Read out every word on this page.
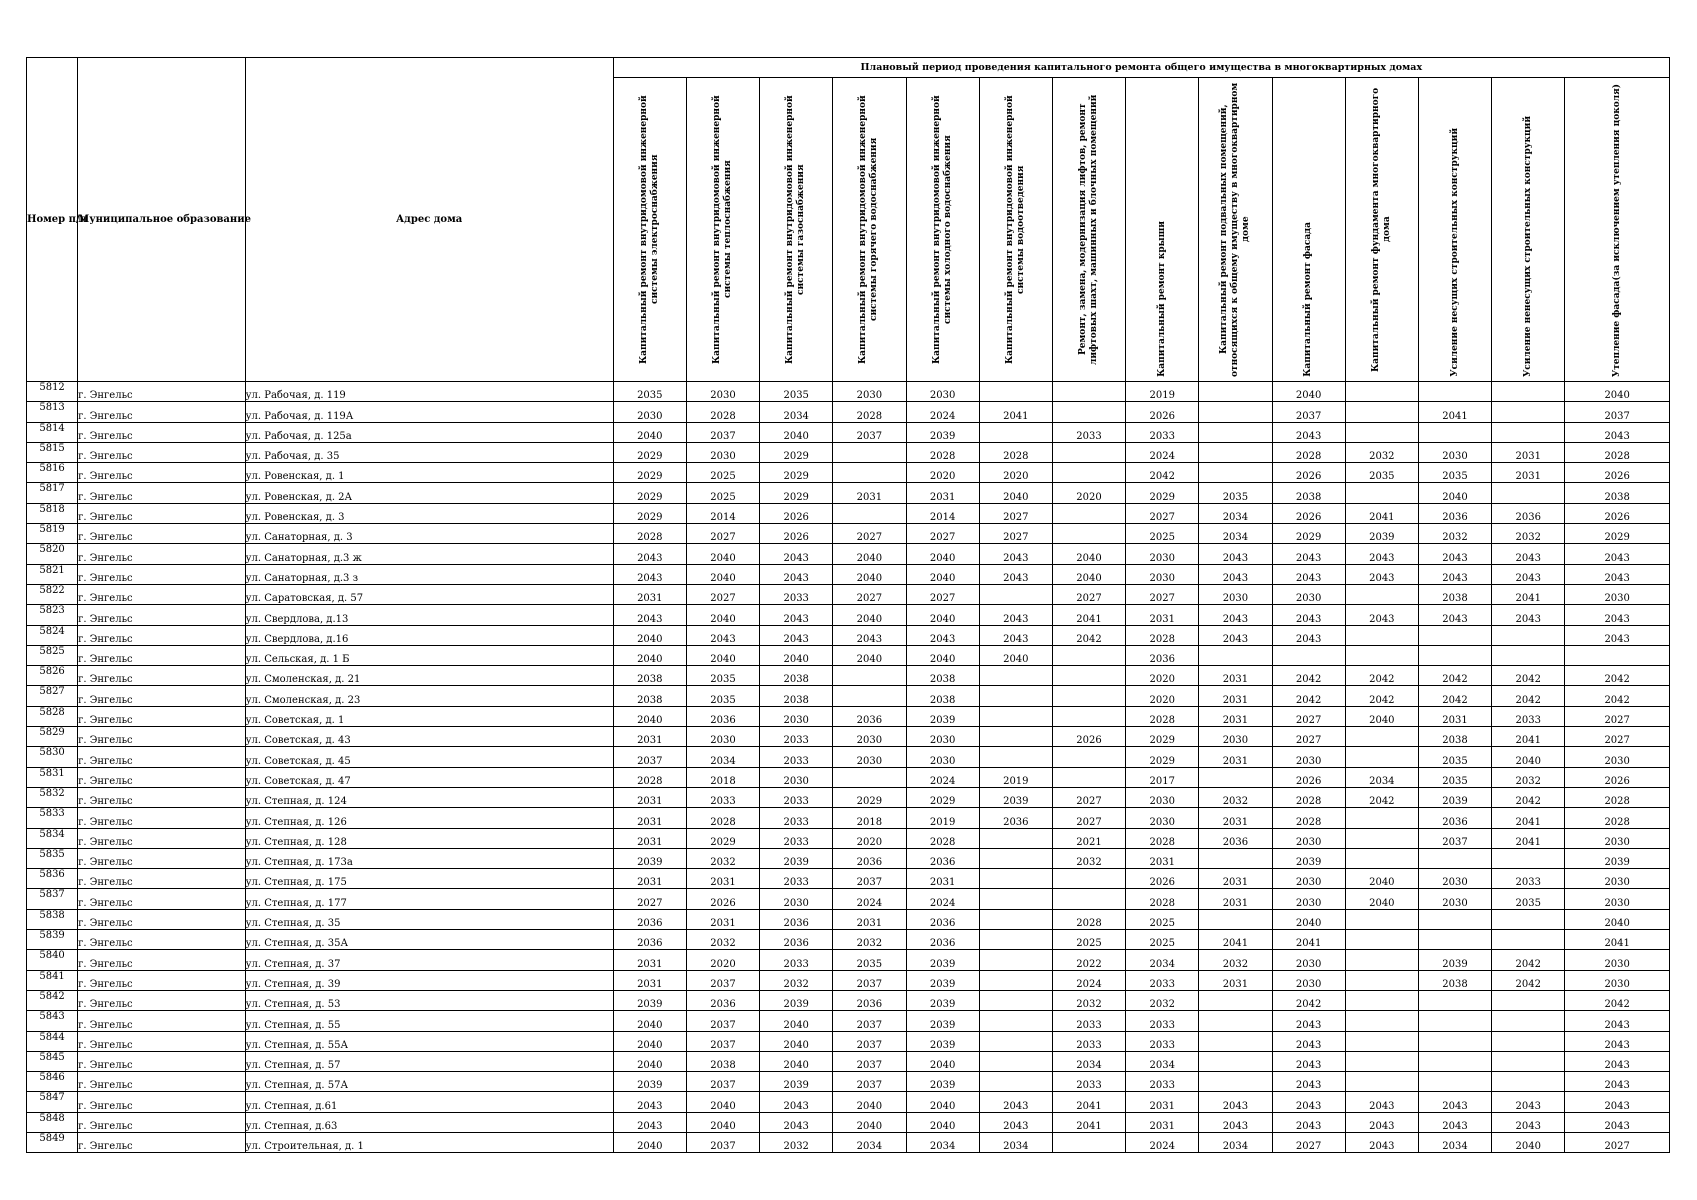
Номер п/п	Муниципальное образование	Адрес дома	Плановый период проведения капитального ремонта общего имущества в многоквартирных домах													

			Капитальный ремонт внутридомовой инженерной системы электроснабжения	Капитальный ремонт внутридомовой инженерной системы теплоснабжения	Капитальный ремонт внутридомовой инженерной системы газоснабжения	Капитальный ремонт внутридомовой инженерной системы горячего водоснабжения	Капитальный ремонт внутридомовой инженерной системы холодного водоснабжения	Капитальный ремонт внутридомовой инженерной системы водоотведения	Ремонт, замена, модернизация лифтов, ремонт лифтовых шахт, машинных и блочных помещений	Капитальный ремонт крыши	Капитальный ремонт подвальных помещений, относящихся к общему имуществу в многоквартирном доме	Капитальный ремонт фасада	Капитальный ремонт фундамента многоквартирного дома	Усиление несущих строительных конструкций	Усиление ненесущих строительных конструкций	Утепление фасада(за исключением утепления цоколя)

5812	г. Энгельс	ул. Рабочая, д. 119	2035	2030	2035	2030	2030			2019		2040				2040
5813	г. Энгельс	ул. Рабочая, д. 119А	2030	2028	2034	2028	2024	2041		2026		2037		2041		2037
5814	г. Энгельс	ул. Рабочая, д. 125а	2040	2037	2040	2037	2039		2033	2033		2043				2043
5815	г. Энгельс	ул. Рабочая, д. 35	2029	2030	2029		2028	2028		2024		2028	2032	2030	2031	2028
5816	г. Энгельс	ул. Ровенская, д. 1	2029	2025	2029		2020	2020		2042		2026	2035	2035	2031	2026
5817	г. Энгельс	ул. Ровенская, д. 2А	2029	2025	2029	2031	2031	2040	2020	2029	2035	2038		2040		2038
5818	г. Энгельс	ул. Ровенская, д. 3	2029	2014	2026		2014	2027		2027	2034	2026	2041	2036	2036	2026
5819	г. Энгельс	ул. Санаторная, д. 3	2028	2027	2026	2027	2027	2027		2025	2034	2029	2039	2032	2032	2029
5820	г. Энгельс	ул. Санаторная, д.3 ж	2043	2040	2043	2040	2040	2043	2040	2030	2043	2043	2043	2043	2043	2043
5821	г. Энгельс	ул. Санаторная, д.3 з	2043	2040	2043	2040	2040	2043	2040	2030	2043	2043	2043	2043	2043	2043
5822	г. Энгельс	ул. Саратовская, д. 57	2031	2027	2033	2027	2027		2027	2027	2030	2030		2038	2041	2030
5823	г. Энгельс	ул. Свердлова, д.13	2043	2040	2043	2040	2040	2043	2041	2031	2043	2043	2043	2043	2043	2043
5824	г. Энгельс	ул. Свердлова, д.16	2040	2043	2043	2043	2043	2043	2042	2028	2043	2043				2043
5825	г. Энгельс	ул. Сельская, д. 1 Б	2040	2040	2040	2040	2040	2040		2036						
5826	г. Энгельс	ул. Смоленская, д. 21	2038	2035	2038		2038			2020	2031	2042	2042	2042	2042	2042
5827	г. Энгельс	ул. Смоленская, д. 23	2038	2035	2038		2038			2020	2031	2042	2042	2042	2042	2042
5828	г. Энгельс	ул. Советская, д. 1	2040	2036	2030	2036	2039			2028	2031	2027	2040	2031	2033	2027
5829	г. Энгельс	ул. Советская, д. 43	2031	2030	2033	2030	2030		2026	2029	2030	2027		2038	2041	2027
5830	г. Энгельс	ул. Советская, д. 45	2037	2034	2033	2030	2030			2029	2031	2030		2035	2040	2030
5831	г. Энгельс	ул. Советская, д. 47	2028	2018	2030		2024	2019		2017		2026	2034	2035	2032	2026
5832	г. Энгельс	ул. Степная, д. 124	2031	2033	2033	2029	2029	2039	2027	2030	2032	2028	2042	2039	2042	2028
5833	г. Энгельс	ул. Степная, д. 126	2031	2028	2033	2018	2019	2036	2027	2030	2031	2028		2036	2041	2028
5834	г. Энгельс	ул. Степная, д. 128	2031	2029	2033	2020	2028		2021	2028	2036	2030		2037	2041	2030
5835	г. Энгельс	ул. Степная, д. 173а	2039	2032	2039	2036	2036		2032	2031		2039				2039
5836	г. Энгельс	ул. Степная, д. 175	2031	2031	2033	2037	2031			2026	2031	2030	2040	2030	2033	2030
5837	г. Энгельс	ул. Степная, д. 177	2027	2026	2030	2024	2024			2028	2031	2030	2040	2030	2035	2030
5838	г. Энгельс	ул. Степная, д. 35	2036	2031	2036	2031	2036		2028	2025		2040				2040
5839	г. Энгельс	ул. Степная, д. 35А	2036	2032	2036	2032	2036		2025	2025	2041	2041				2041
5840	г. Энгельс	ул. Степная, д. 37	2031	2020	2033	2035	2039		2022	2034	2032	2030		2039	2042	2030
5841	г. Энгельс	ул. Степная, д. 39	2031	2037	2032	2037	2039		2024	2033	2031	2030		2038	2042	2030
5842	г. Энгельс	ул. Степная, д. 53	2039	2036	2039	2036	2039		2032	2032		2042				2042
5843	г. Энгельс	ул. Степная, д. 55	2040	2037	2040	2037	2039		2033	2033		2043				2043
5844	г. Энгельс	ул. Степная, д. 55А	2040	2037	2040	2037	2039		2033	2033		2043				2043
5845	г. Энгельс	ул. Степная, д. 57	2040	2038	2040	2037	2040		2034	2034		2043				2043
5846	г. Энгельс	ул. Степная, д. 57А	2039	2037	2039	2037	2039		2033	2033		2043				2043
5847	г. Энгельс	ул. Степная, д.61	2043	2040	2043	2040	2040	2043	2041	2031	2043	2043	2043	2043	2043	2043
5848	г. Энгельс	ул. Степная, д.63	2043	2040	2043	2040	2040	2043	2041	2031	2043	2043	2043	2043	2043	2043
5849	г. Энгельс	ул. Строительная, д. 1	2040	2037	2032	2034	2034	2034		2024	2034	2027	2043	2034	2040	2027
